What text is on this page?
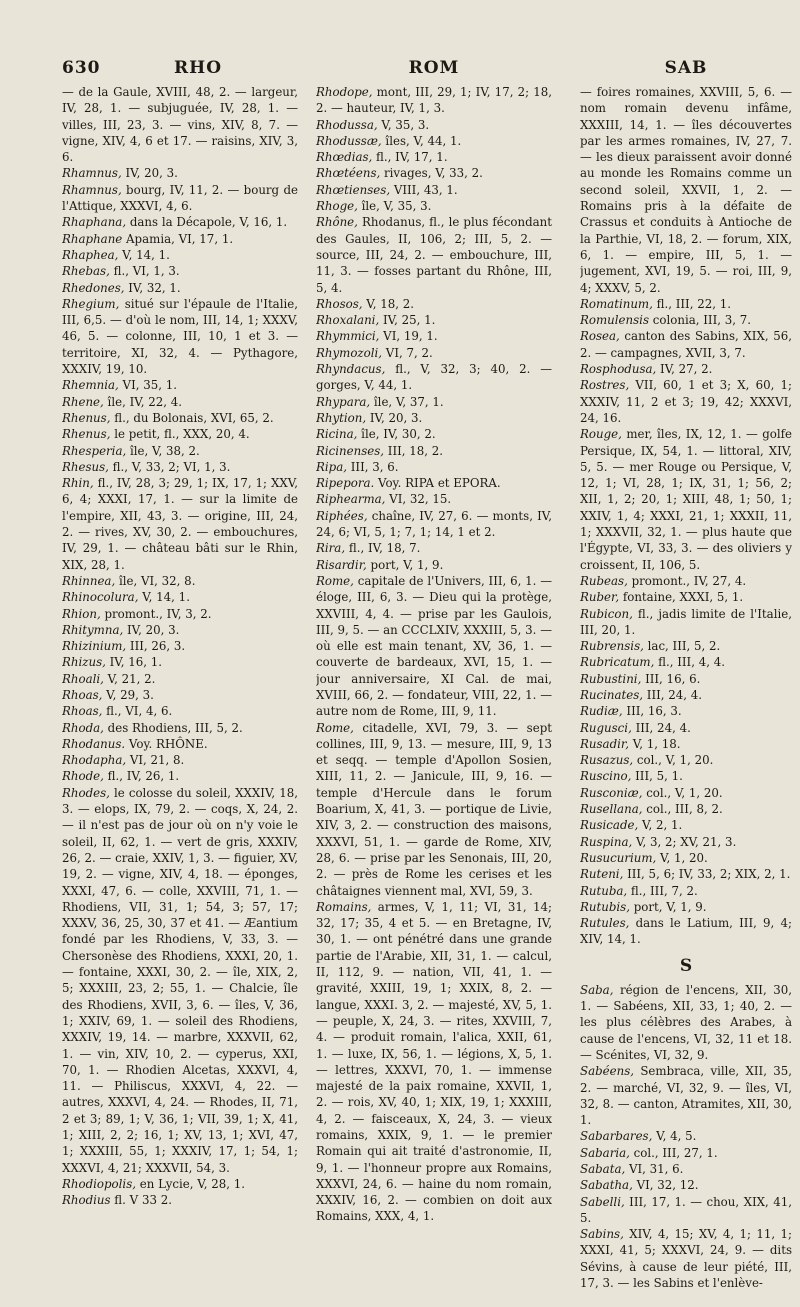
630	RHO	ROM	SAB

— de la Gaule, XVIII, 48, 2. — largeur, IV, 28, 1. — subjuguée, IV, 28, 1. — villes, III, 23, 3. — vins, XIV, 8, 7. — vigne, XIV, 4, 6 et 17. — raisins, XIV, 3, 6.

Rhamnus, IV, 20, 3.

Rhamnus, bourg, IV, 11, 2. — bourg de l'Attique, XXXVI, 4, 6.

Rhaphana, dans la Décapole, V, 16, 1.

Rhaphane Apamia, VI, 17, 1.

Rhaphea, V, 14, 1.

Rhebas, fl., VI, 1, 3.

Rhedones, IV, 32, 1.

Rhegium, situé sur l'épaule de l'Italie, III, 6,5. — d'où le nom, III, 14, 1; XXXV, 46, 5. — colonne, III, 10, 1 et 3. — territoire, XI, 32, 4. — Pythagore, XXXIV, 19, 10.

Rhemnia, VI, 35, 1.

Rhene, île, IV, 22, 4.

Rhenus, fl., du Bolonais, XVI, 65, 2.

Rhenus, le petit, fl., XXX, 20, 4.

Rhesperia, île, V, 38, 2.

Rhesus, fl., V, 33, 2; VI, 1, 3.

Rhin, fl., IV, 28, 3; 29, 1; IX, 17, 1; XXV, 6, 4; XXXI, 17, 1. — sur la limite de l'empire, XII, 43, 3. — origine, III, 24, 2. — rives, XV, 30, 2. — embouchures, IV, 29, 1. — château bâti sur le Rhin, XIX, 28, 1.

Rhinnea, île, VI, 32, 8.

Rhinocolura, V, 14, 1.

Rhion, promont., IV, 3, 2.

Rhitymna, IV, 20, 3.

Rhizinium, III, 26, 3.

Rhizus, IV, 16, 1.

Rhoali, V, 21, 2.

Rhoas, V, 29, 3.

Rhoas, fl., VI, 4, 6.

Rhoda, des Rhodiens, III, 5, 2.

Rhodanus. Voy. RHÔNE.

Rhodapha, VI, 21, 8.

Rhode, fl., IV, 26, 1.

Rhodes, le colosse du soleil, XXXIV, 18, 3. — elops, IX, 79, 2. — coqs, X, 24, 2. — il n'est pas de jour où on n'y voie le soleil, II, 62, 1. — vert de gris, XXXIV, 26, 2. — craie, XXIV, 1, 3. — figuier, XV, 19, 2. — vigne, XIV, 4, 18. — éponges, XXXI, 47, 6. — colle, XXVIII, 71, 1. — Rhodiens, VII, 31, 1; 54, 3; 57, 17; XXXV, 36, 25, 30, 37 et 41. — Æantium fondé par les Rhodiens, V, 33, 3. — Chersonèse des Rhodiens, XXXI, 20, 1. — fontaine, XXXI, 30, 2. — île, XIX, 2, 5; XXXIII, 23, 2; 55, 1. — Chalcie, île des Rhodiens, XVII, 3, 6. — îles, V, 36, 1; XXIV, 69, 1. — soleil des Rhodiens, XXXIV, 19, 14. — marbre, XXXVII, 62, 1. — vin, XIV, 10, 2. — cyperus, XXI, 70, 1. — Rhodien Alcetas, XXXVI, 4, 11. — Philiscus, XXXVI, 4, 22. — autres, XXXVI, 4, 24. — Rhodes, II, 71, 2 et 3; 89, 1; V, 36, 1; VII, 39, 1; X, 41, 1; XIII, 2, 2; 16, 1; XV, 13, 1; XVI, 47, 1; XXXIII, 55, 1; XXXIV, 17, 1; 54, 1; XXXVI, 4, 21; XXXVII, 54, 3.

Rhodiopolis, en Lycie, V, 28, 1.

Rhodius fl. V 33 2.

Rhodope, mont, III, 29, 1; IV, 17, 2; 18, 2. — hauteur, IV, 1, 3.

Rhodussa, V, 35, 3.

Rhodussæ, îles, V, 44, 1.

Rhœdias, fl., IV, 17, 1.

Rhœtéens, rivages, V, 33, 2.

Rhœtienses, VIII, 43, 1.

Rhoge, île, V, 35, 3.

Rhône, Rhodanus, fl., le plus fécondant des Gaules, II, 106, 2; III, 5, 2. — source, III, 24, 2. — embouchure, III, 11, 3. — fosses partant du Rhône, III, 5, 4.

Rhosos, V, 18, 2.

Rhoxalani, IV, 25, 1.

Rhymmici, VI, 19, 1.

Rhymozoli, VI, 7, 2.

Rhyndacus, fl., V, 32, 3; 40, 2. — gorges, V, 44, 1.

Rhypara, île, V, 37, 1.

Rhytion, IV, 20, 3.

Ricina, île, IV, 30, 2.

Ricinenses, III, 18, 2.

Ripa, III, 3, 6.

Ripepora. Voy. RIPA et EPORA.

Riphearma, VI, 32, 15.

Riphées, chaîne, IV, 27, 6. — monts, IV, 24, 6; VI, 5, 1; 7, 1; 14, 1 et 2.

Rira, fl., IV, 18, 7.

Risardir, port, V, 1, 9.

Rome, capitale de l'Univers, III, 6, 1. — éloge, III, 6, 3. — Dieu qui la protège, XXVIII, 4, 4. — prise par les Gaulois, III, 9, 5. — an CCCLXIV, XXXIII, 5, 3. — où elle est main tenant, XV, 36, 1. — couverte de bardeaux, XVI, 15, 1. — jour anniversaire, XI Cal. de mai, XVIII, 66, 2. — fondateur, VIII, 22, 1. — autre nom de Rome, III, 9, 11.

Rome, citadelle, XVI, 79, 3. — sept collines, III, 9, 13. — mesure, III, 9, 13 et seqq. — temple d'Apollon Sosien, XIII, 11, 2. — Janicule, III, 9, 16. — temple d'Hercule dans le forum Boarium, X, 41, 3. — portique de Livie, XIV, 3, 2. — construction des maisons, XXXVI, 51, 1. — garde de Rome, XIV, 28, 6. — prise par les Senonais, III, 20, 2. — près de Rome les cerises et les châtaignes viennent mal, XVI, 59, 3.

Romains, armes, V, 1, 11; VI, 31, 14; 32, 17; 35, 4 et 5. — en Bretagne, IV, 30, 1. — ont pénétré dans une grande partie de l'Arabie, XII, 31, 1. — calcul, II, 112, 9. — nation, VII, 41, 1. — gravité, XXIII, 19, 1; XXIX, 8, 2. — langue, XXXI. 3, 2. — majesté, XV, 5, 1. — peuple, X, 24, 3. — rites, XXVIII, 7, 4. — produit romain, l'alica, XXII, 61, 1. — luxe, IX, 56, 1. — légions, X, 5, 1. — lettres, XXXVI, 70, 1. — immense majesté de la paix romaine, XXVII, 1, 2. — rois, XV, 40, 1; XIX, 19, 1; XXXIII, 4, 2. — faisceaux, X, 24, 3. — vieux romains, XXIX, 9, 1. — le premier Romain qui ait traité d'astronomie, II, 9, 1. — l'honneur propre aux Romains, XXXVI, 24, 6. — haine du nom romain, XXXIV, 16, 2. — combien on doit aux Romains, XXX, 4, 1.

— foires romaines, XXVIII, 5, 6. — nom romain devenu infâme, XXXIII, 14, 1. — îles découvertes par les armes romaines, IV, 27, 7. — les dieux paraissent avoir donné au monde les Romains comme un second soleil, XXVII, 1, 2. — Romains pris à la défaite de Crassus et conduits à Antioche de la Parthie, VI, 18, 2. — forum, XIX, 6, 1. — empire, III, 5, 1. — jugement, XVI, 19, 5. — roi, III, 9, 4; XXXV, 5, 2.

Romatinum, fl., III, 22, 1.

Romulensis colonia, III, 3, 7.

Rosea, canton des Sabins, XIX, 56, 2. — campagnes, XVII, 3, 7.

Rosphodusa, IV, 27, 2.

Rostres, VII, 60, 1 et 3; X, 60, 1; XXXIV, 11, 2 et 3; 19, 42; XXXVI, 24, 16.

Rouge, mer, îles, IX, 12, 1. — golfe Persique, IX, 54, 1. — littoral, XIV, 5, 5. — mer Rouge ou Persique, V, 12, 1; VI, 28, 1; IX, 31, 1; 56, 2; XII, 1, 2; 20, 1; XIII, 48, 1; 50, 1; XXIV, 1, 4; XXXI, 21, 1; XXXII, 11, 1; XXXVII, 32, 1. — plus haute que l'Égypte, VI, 33, 3. — des oliviers y croissent, II, 106, 5.

Rubeas, promont., IV, 27, 4.

Ruber, fontaine, XXXI, 5, 1.

Rubicon, fl., jadis limite de l'Italie, III, 20, 1.

Rubrensis, lac, III, 5, 2.

Rubricatum, fl., III, 4, 4.

Rubustini, III, 16, 6.

Rucinates, III, 24, 4.

Rudiæ, III, 16, 3.

Rugusci, III, 24, 4.

Rusadir, V, 1, 18.

Rusazus, col., V, 1, 20.

Ruscino, III, 5, 1.

Rusconiæ, col., V, 1, 20.

Rusellana, col., III, 8, 2.

Rusicade, V, 2, 1.

Ruspina, V, 3, 2; XV, 21, 3.

Rusucurium, V, 1, 20.

Ruteni, III, 5, 6; IV, 33, 2; XIX, 2, 1.

Rutuba, fl., III, 7, 2.

Rutubis, port, V, 1, 9.

Rutules, dans le Latium, III, 9, 4; XIV, 14, 1.

S

Saba, région de l'encens, XII, 30, 1. — Sabéens, XII, 33, 1; 40, 2. — les plus célèbres des Arabes, à cause de l'encens, VI, 32, 11 et 18. — Scénites, VI, 32, 9.

Sabéens, Sembraca, ville, XII, 35, 2. — marché, VI, 32, 9. — îles, VI, 32, 8. — canton, Atramites, XII, 30, 1.

Sabarbares, V, 4, 5.

Sabaria, col., III, 27, 1.

Sabata, VI, 31, 6.

Sabatha, VI, 32, 12.

Sabelli, III, 17, 1. — chou, XIX, 41, 5.

Sabins, XIV, 4, 15; XV, 4, 1; 11, 1; XXXI, 41, 5; XXXVI, 24, 9. — dits Sévins, à cause de leur piété, III, 17, 3. — les Sabins et l'enlève-
